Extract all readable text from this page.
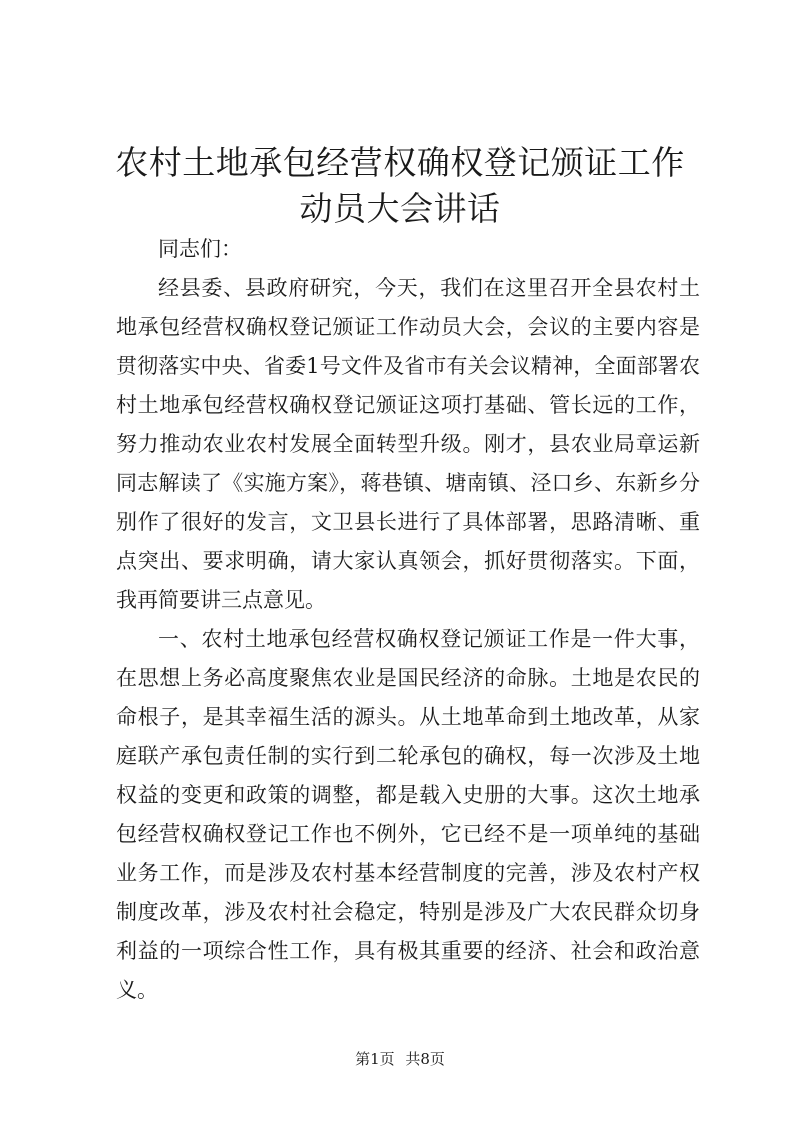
农村土地承包经营权确权登记颁证工作动员大会讲话

同志们：

经县委、县政府研究，今天，我们在这里召开全县农村土地承包经营权确权登记颁证工作动员大会，会议的主要内容是贯彻落实中央、省委1号文件及省市有关会议精神，全面部署农村土地承包经营权确权登记颁证这项打基础、管长远的工作，努力推动农业农村发展全面转型升级。刚才，县农业局章运新同志解读了《实施方案》，蒋巷镇、塘南镇、泾口乡、东新乡分别作了很好的发言，文卫县长进行了具体部署，思路清晰、重点突出、要求明确，请大家认真领会，抓好贯彻落实。下面，我再简要讲三点意见。

一、农村土地承包经营权确权登记颁证工作是一件大事，在思想上务必高度聚焦农业是国民经济的命脉。土地是农民的命根子，是其幸福生活的源头。从土地革命到土地改革，从家庭联产承包责任制的实行到二轮承包的确权，每一次涉及土地权益的变更和政策的调整，都是载入史册的大事。这次土地承包经营权确权登记工作也不例外，它已经不是一项单纯的基础业务工作，而是涉及农村基本经营制度的完善，涉及农村产权制度改革，涉及农村社会稳定，特别是涉及广大农民群众切身利益的一项综合性工作，具有极其重要的经济、社会和政治意义。

第1页 共8页
